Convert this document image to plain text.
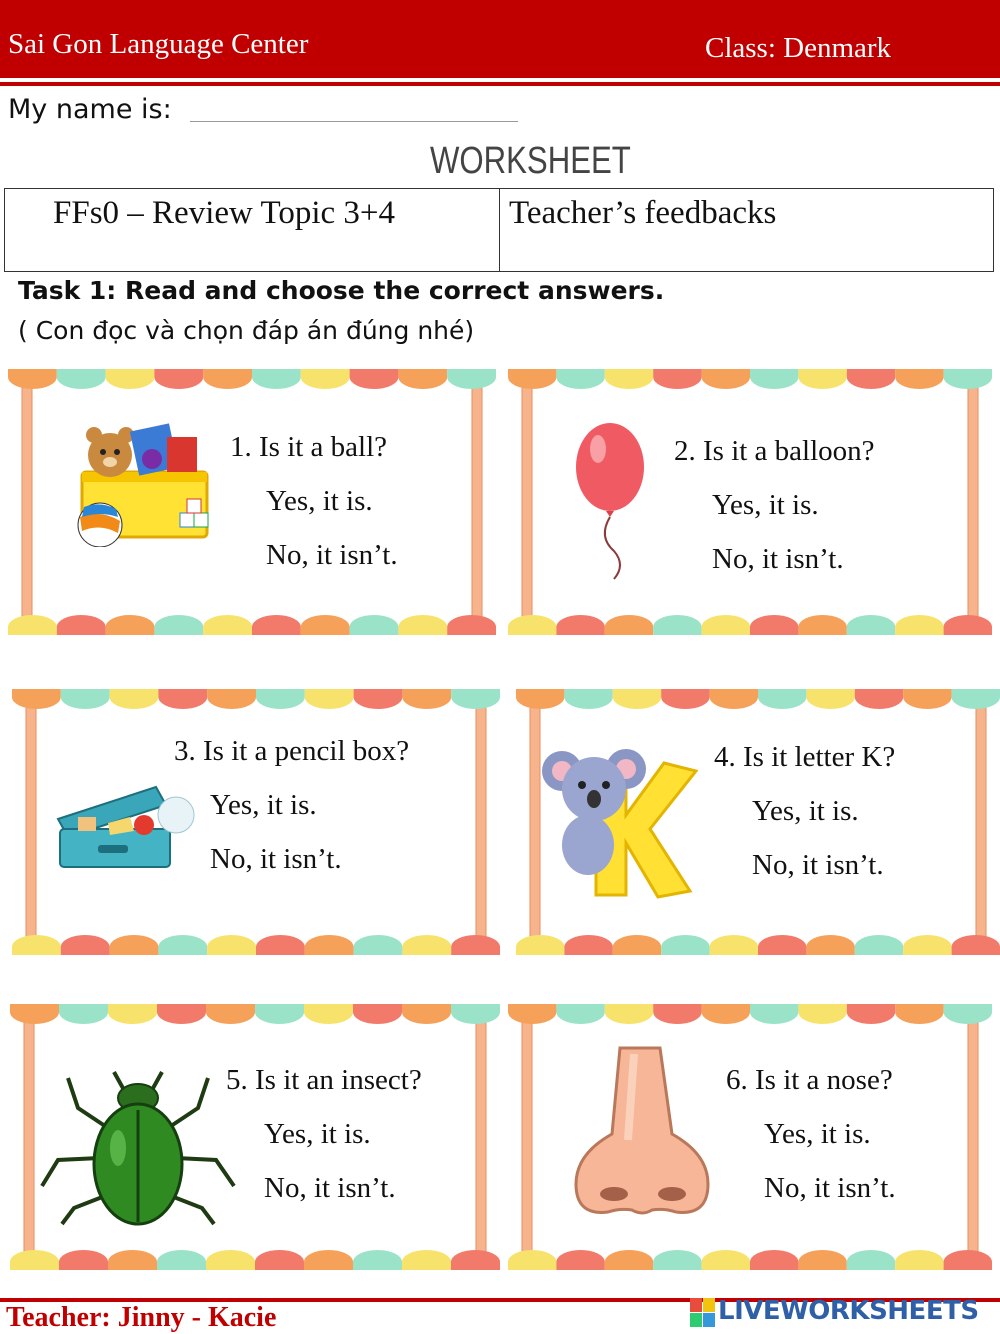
Sai Gon Language Center	Class: Denmark
My name is:
WORKSHEET
FFs0 – Review Topic 3+4	Teacher’s feedbacks
Task 1: Read and choose the correct answers.
( Con đọc và chọn đáp án đúng nhé)
1. Is it a ball?
Yes, it is.
No, it isn’t.
2. Is it a balloon?
Yes, it is.
No, it isn’t.
3. Is it a pencil box?
Yes, it is.
No, it isn’t.
4. Is it letter K?
Yes, it is.
No, it isn’t.
5. Is it an insect?
Yes, it is.
No, it isn’t.
6. Is it a nose?
Yes, it is.
No, it isn’t.
Teacher: Jinny - Kacie	LIVEWORKSHEETS
